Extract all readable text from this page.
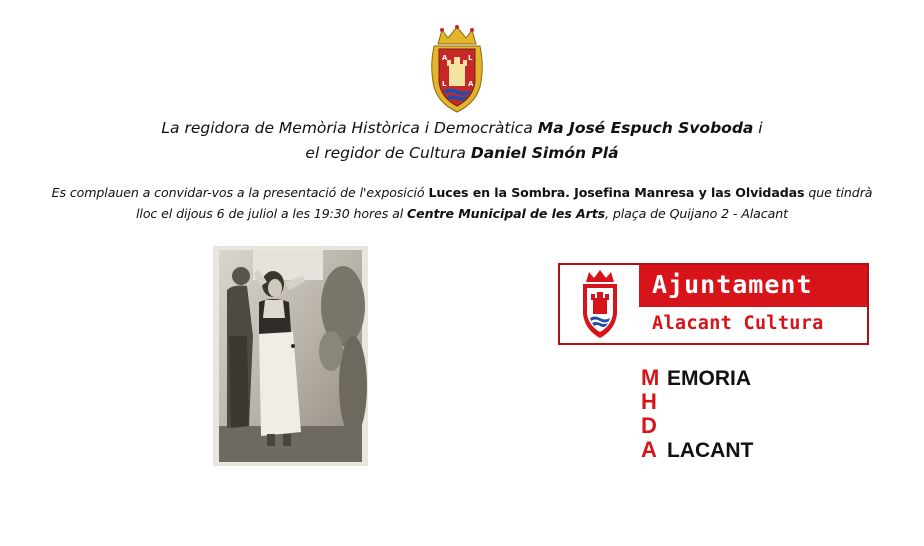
A	L
L	A
La regidora de Memòria Històrica i Democràtica Ma José Espuch Svoboda i
el regidor de Cultura Daniel Simón Plá
Es complauen a convidar-vos a la presentació de l'exposició Luces en la Sombra. Josefina Manresa y las Olvidadas que tindrà
lloc el dijous 6 de juliol a les 19:30 hores al Centre Municipal de les Arts, plaça de Quijano 2 - Alacant
Ajuntament
Alacant Cultura
M EMORIA
H
D
A LACANT
